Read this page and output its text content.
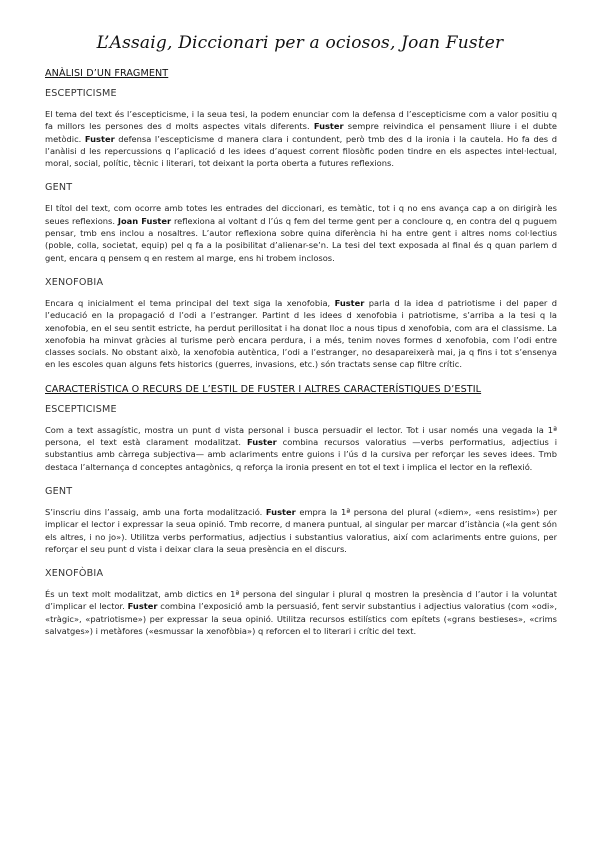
L’Assaig, Diccionari per a ociosos, Joan Fuster
ANÀLISI D’UN FRAGMENT
ESCEPTICISME

El tema del text és l’escepticisme, i la seua tesi, la podem enunciar com la defensa d l’escepticisme com a valor positiu q fa millors les persones des d molts aspectes vitals diferents. Fuster sempre reivindica el pensament lliure i el dubte metòdic. Fuster defensa l’escepticisme d manera clara i contundent, però tmb des d la ironia i la cautela. Ho fa des d l’anàlisi d les repercussions q l’aplicació d les idees d’aquest corrent filosòfic poden tindre en els aspectes intel·lectual, moral, social, polític, tècnic i literari, tot deixant la porta oberta a futures reflexions.

GENT

El títol del text, com ocorre amb totes les entrades del diccionari, es temàtic, tot i q no ens avança cap a on dirigirà les seues reflexions. Joan Fuster reflexiona al voltant d l’ús q fem del terme gent per a concloure q, en contra del q puguem pensar, tmb ens inclou a nosaltres. L’autor reflexiona sobre quina diferència hi ha entre gent i altres noms col·lectius (poble, colla, societat, equip) pel q fa a la posibilitat d’alienar-se’n. La tesi del text exposada al final és q quan parlem d gent, encara q pensem q en restem al marge, ens hi trobem inclosos.

XENOFOBIA

Encara q inicialment el tema principal del text siga la xenofobia, Fuster parla d la idea d patriotisme i del paper d l’educació en la propagació d l’odi a l’estranger. Partint d les idees d xenofobia i patriotisme, s’arriba a la tesi q la xenofobia, en el seu sentit estricte, ha perdut perillositat i ha donat lloc a nous tipus d xenofobia, com ara el classisme. La xenofobia ha minvat gràcies al turisme però encara perdura, i a més, tenim noves formes d xenofobia, com l’odi entre classes socials. No obstant això, la xenofobia autèntica, l’odi a l’estranger, no desapareixerà mai, ja q fins i tot s’ensenya en les escoles quan alguns fets historics (guerres, invasions, etc.) són tractats sense cap filtre crític.

CARACTERÍSTICA O RECURS DE L’ESTIL DE FUSTER I ALTRES CARACTERÍSTIQUES D’ESTIL
ESCEPTICISME

Com a text assagístic, mostra un punt d vista personal i busca persuadir el lector. Tot i usar només una vegada la 1ª persona, el text està clarament modalitzat. Fuster combina recursos valoratius —verbs performatius, adjectius i substantius amb càrrega subjectiva— amb aclariments entre guions i l’ús d la cursiva per reforçar les seves idees. Tmb destaca l’alternança d conceptes antagònics, q reforça la ironia present en tot el text i implica el lector en la reflexió.

GENT

S’inscriu dins l’assaig, amb una forta modalització. Fuster empra la 1ª persona del plural («diem», «ens resistim») per implicar el lector i expressar la seua opinió. Tmb recorre, d manera puntual, al singular per marcar d’istància («la gent són els altres, i no jo»). Utilitza verbs performatius, adjectius i substantius valoratius, així com aclariments entre guions, per reforçar el seu punt d vista i deixar clara la seua presència en el discurs.

XENOFÒBIA

És un text molt modalitzat, amb dictics en 1ª persona del singular i plural q mostren la presència d l’autor i la voluntat d’implicar el lector. Fuster combina l’exposició amb la persuasió, fent servir substantius i adjectius valoratius (com «odi», «tràgic», «patriotisme») per expressar la seua opinió. Utilitza recursos estilístics com epítets («grans bestieses», «crims salvatges») i metàfores («esmussar la xenofòbia») q reforcen el to literari i crític del text.
